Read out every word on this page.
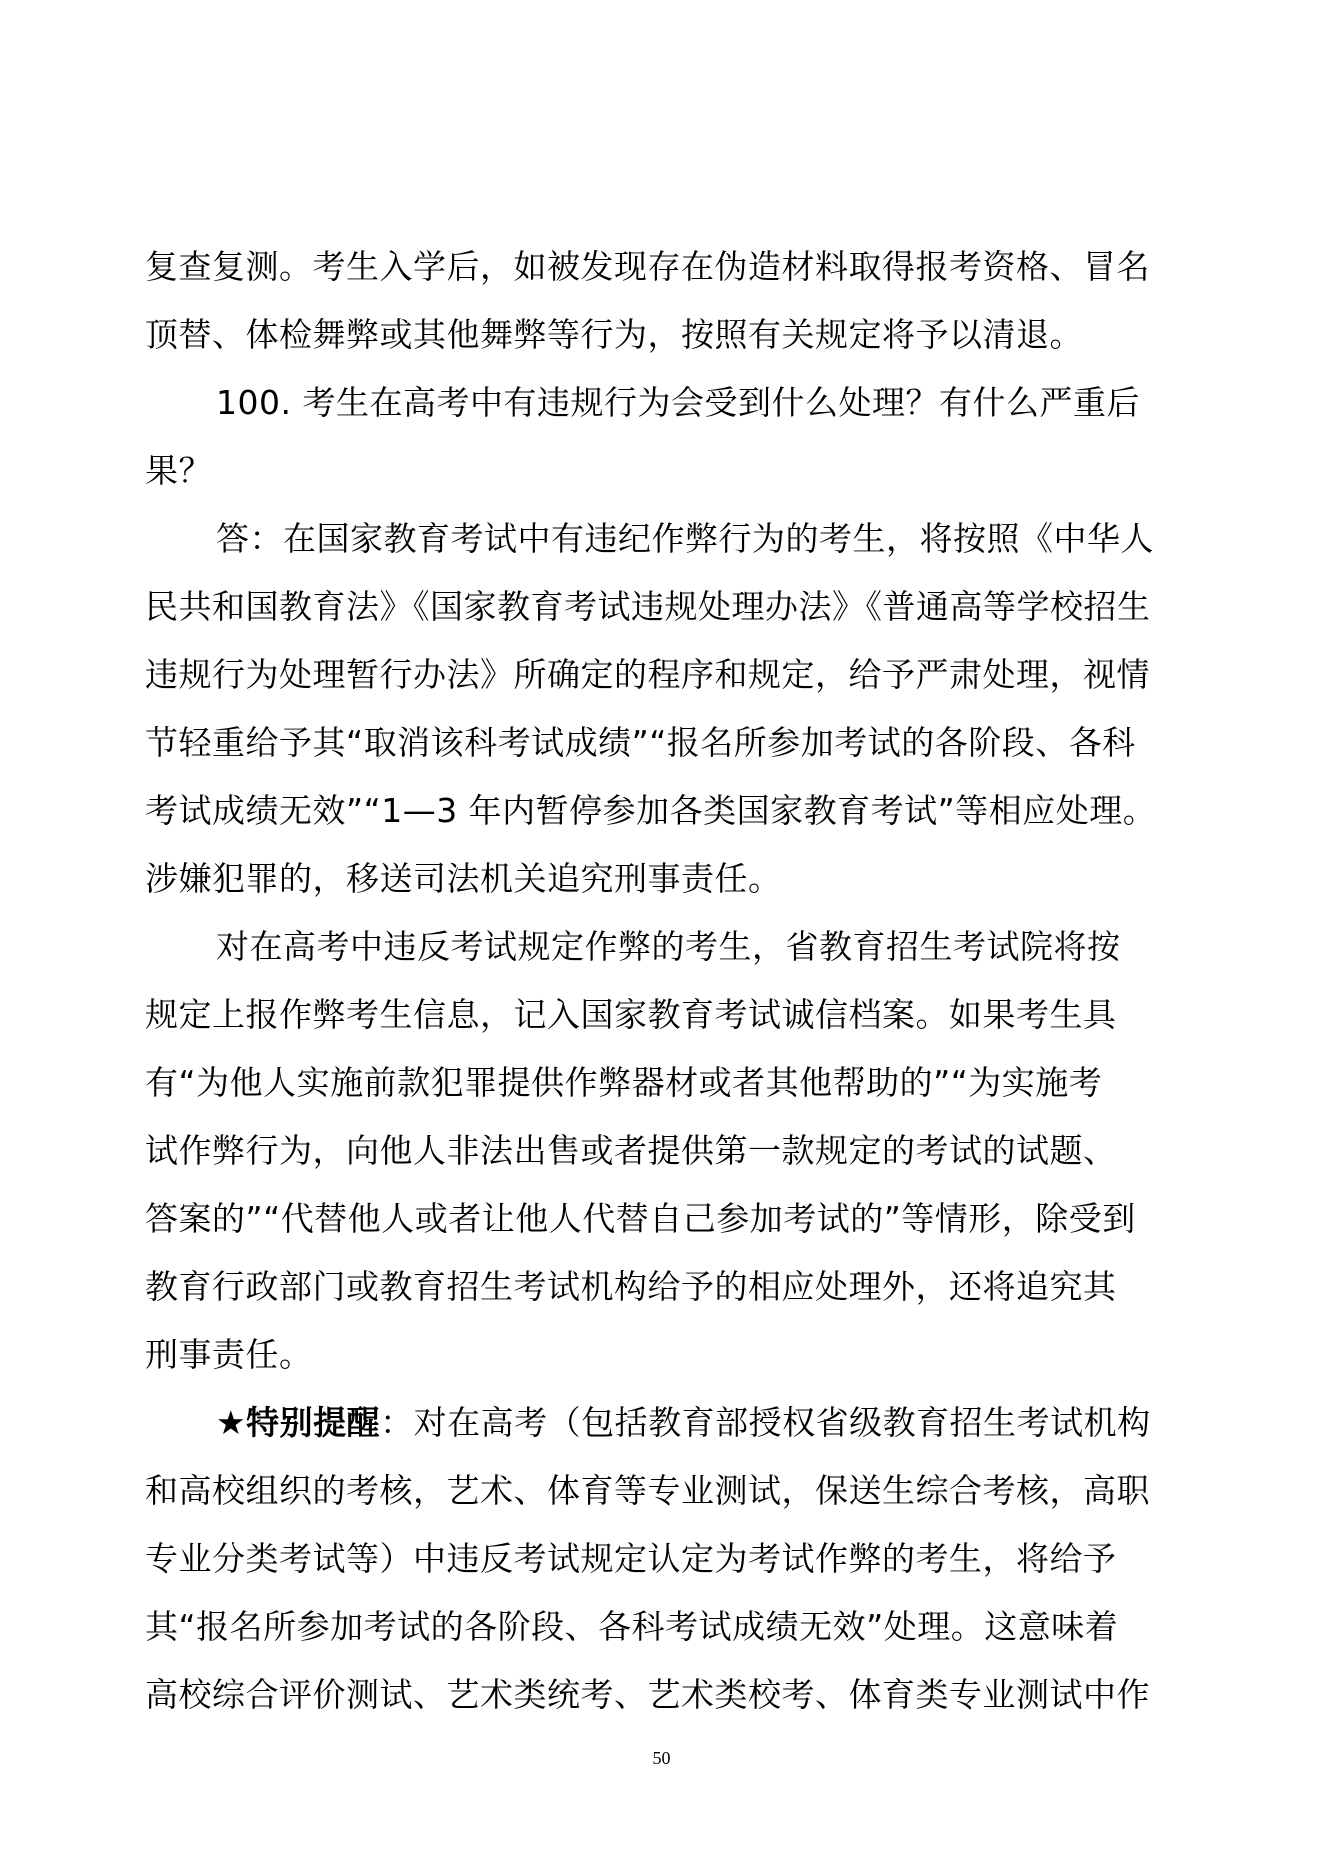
复查复测。考生入学后，如被发现存在伪造材料取得报考资格、冒名
顶替、体检舞弊或其他舞弊等行为，按照有关规定将予以清退。
100. 考生在高考中有违规行为会受到什么处理？有什么严重后
果？
答：在国家教育考试中有违纪作弊行为的考生，将按照《中华人
民共和国教育法》《国家教育考试违规处理办法》《普通高等学校招生
违规行为处理暂行办法》所确定的程序和规定，给予严肃处理，视情
节轻重给予其“取消该科考试成绩”“报名所参加考试的各阶段、各科
考试成绩无效”“1—3 年内暂停参加各类国家教育考试”等相应处理。
涉嫌犯罪的，移送司法机关追究刑事责任。
对在高考中违反考试规定作弊的考生，省教育招生考试院将按
规定上报作弊考生信息，记入国家教育考试诚信档案。如果考生具
有“为他人实施前款犯罪提供作弊器材或者其他帮助的”“为实施考
试作弊行为，向他人非法出售或者提供第一款规定的考试的试题、
答案的”“代替他人或者让他人代替自己参加考试的”等情形，除受到
教育行政部门或教育招生考试机构给予的相应处理外，还将追究其
刑事责任。
★特别提醒：对在高考（包括教育部授权省级教育招生考试机构
和高校组织的考核，艺术、体育等专业测试，保送生综合考核，高职
专业分类考试等）中违反考试规定认定为考试作弊的考生，将给予
其“报名所参加考试的各阶段、各科考试成绩无效”处理。这意味着
高校综合评价测试、艺术类统考、艺术类校考、体育类专业测试中作
50
